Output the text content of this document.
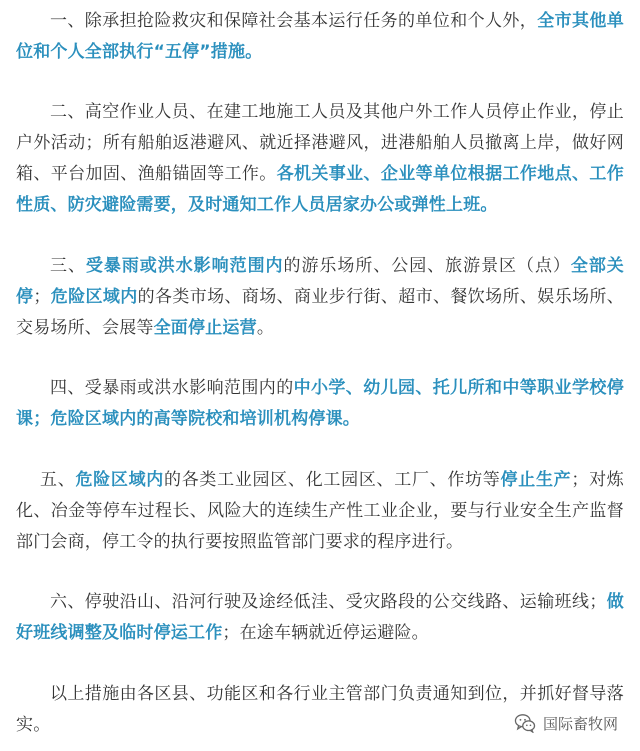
一、除承担抢险救灾和保障社会基本运行任务的单位和个人外，全市其他单位和个人全部执行“五停”措施。

二、高空作业人员、在建工地施工人员及其他户外工作人员停止作业，停止户外活动；所有船舶返港避风、就近择港避风，进港船舶人员撤离上岸，做好网箱、平台加固、渔船锚固等工作。各机关事业、企业等单位根据工作地点、工作性质、防灾避险需要，及时通知工作人员居家办公或弹性上班。

三、受暴雨或洪水影响范围内的游乐场所、公园、旅游景区（点）全部关停；危险区域内的各类市场、商场、商业步行街、超市、餐饮场所、娱乐场所、交易场所、会展等全面停止运营。

四、受暴雨或洪水影响范围内的中小学、幼儿园、托儿所和中等职业学校停课；危险区域内的高等院校和培训机构停课。

五、危险区域内的各类工业园区、化工园区、工厂、作坊等停止生产；对炼化、冶金等停车过程长、风险大的连续生产性工业企业，要与行业安全生产监督部门会商，停工令的执行要按照监管部门要求的程序进行。

六、停驶沿山、沿河行驶及途经低洼、受灾路段的公交线路、运输班线；做好班线调整及临时停运工作；在途车辆就近停运避险。

以上措施由各区县、功能区和各行业主管部门负责通知到位，并抓好督导落实。	国际畜牧网
